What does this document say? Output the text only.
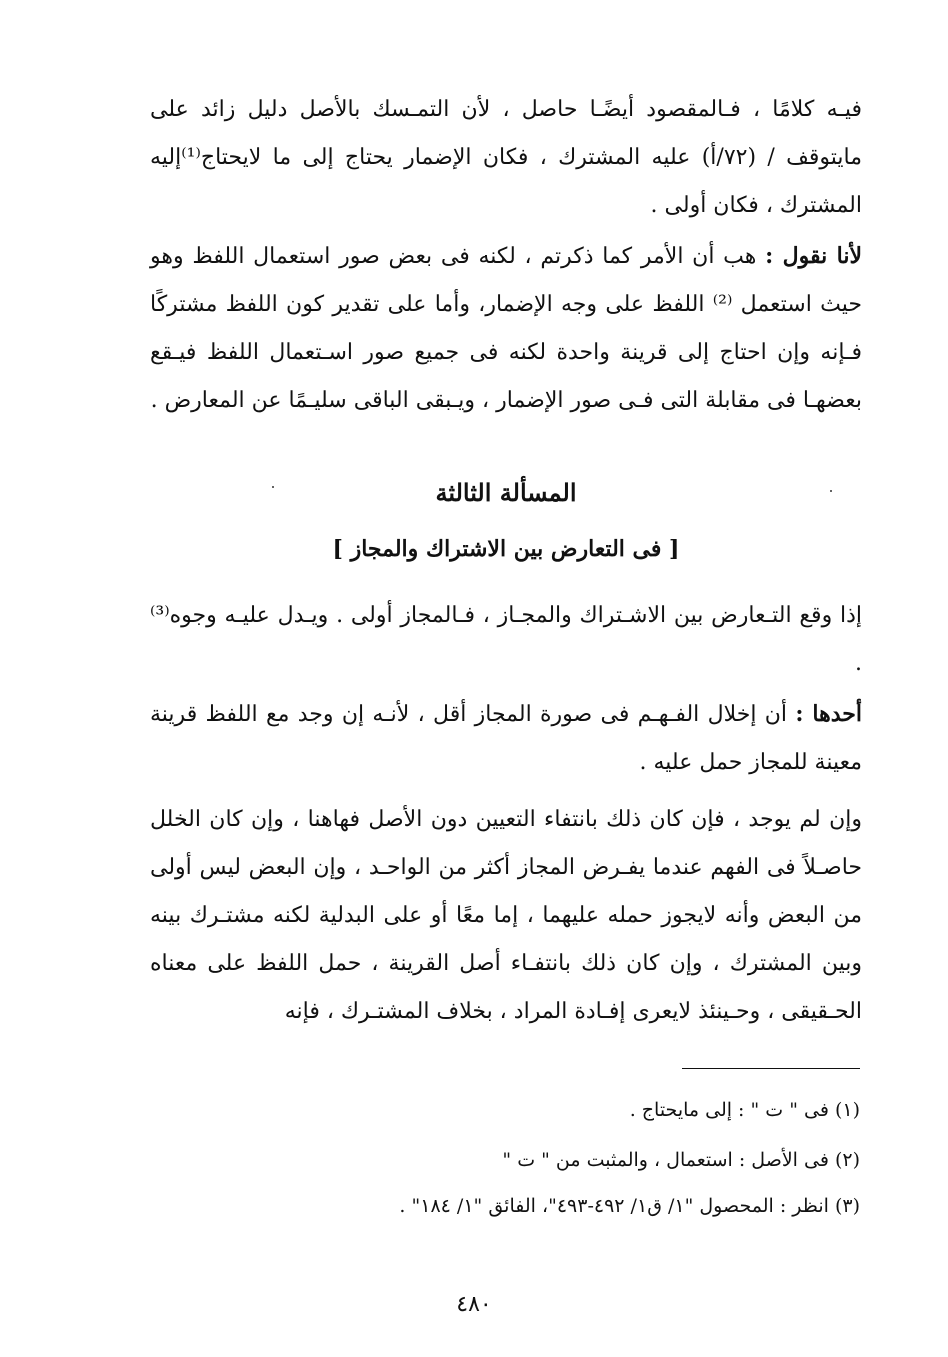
فيـه كلامًا ، فـالمقصود أيضًـا حاصل ، لأن التمـسك بالأصل دليل زائد على مايتوقف / (٧٢/أ) عليه المشترك ، فكان الإضمار يحتاج إلى ما لايحتاج⁽¹⁾إليه المشترك ، فكان أولى .

لأنا نقول : هب أن الأمر كما ذكرتم ، لكنه فى بعض صور استعمال اللفظ وهو حيث استعمل ⁽²⁾ اللفظ على وجه الإضمار، وأما على تقدير كون اللفظ مشتركًا فـإنه وإن احتاج إلى قرينة واحدة لكنه فى جميع صور اسـتعمال اللفظ فيـقع بعضهـا فى مقابلة التى فـى صور الإضمار ، ويـبقى الباقى سليـمًا عن المعارض .

المسألة الثالثة
[ فى التعارض بين الاشتراك والمجاز ]

إذا وقع التـعارض بين الاشـتراك والمجـاز ، فـالمجاز أولى . ويـدل عليـه وجوه⁽³⁾ .

أحدها : أن إخلال الفـهـم فى صورة المجاز أقل ، لأنـه إن وجد مع اللفظ قرينة معينة للمجاز حمل عليه .

وإن لم يوجد ، فإن كان ذلك بانتفاء التعيين دون الأصل فهاهنا ، وإن كان الخلل حاصـلاً فى الفهم عندما يفـرض المجاز أكثر من الواحـد ، وإن البعض ليس أولى من البعض وأنه لايجوز حمله عليهما ، إما معًا أو على البدلية لكنه مشتـرك بينه وبين المشترك ، وإن كان ذلك بانتفـاء أصل القرينة ، حمل اللفظ على معناه الحـقيقى ، وحـينئذ لايعرى إفـادة المراد ، بخلاف المشتـرك ، فإنه

(١) فى " ت " : إلى مايحتاج .

(٢) فى الأصل : استعمال ، والمثبت من " ت "

(٣) انظر : المحصول "١/ ق١/ ٤٩٢-٤٩٣"، الفائق "١/ ١٨٤" .

٤٨٠
